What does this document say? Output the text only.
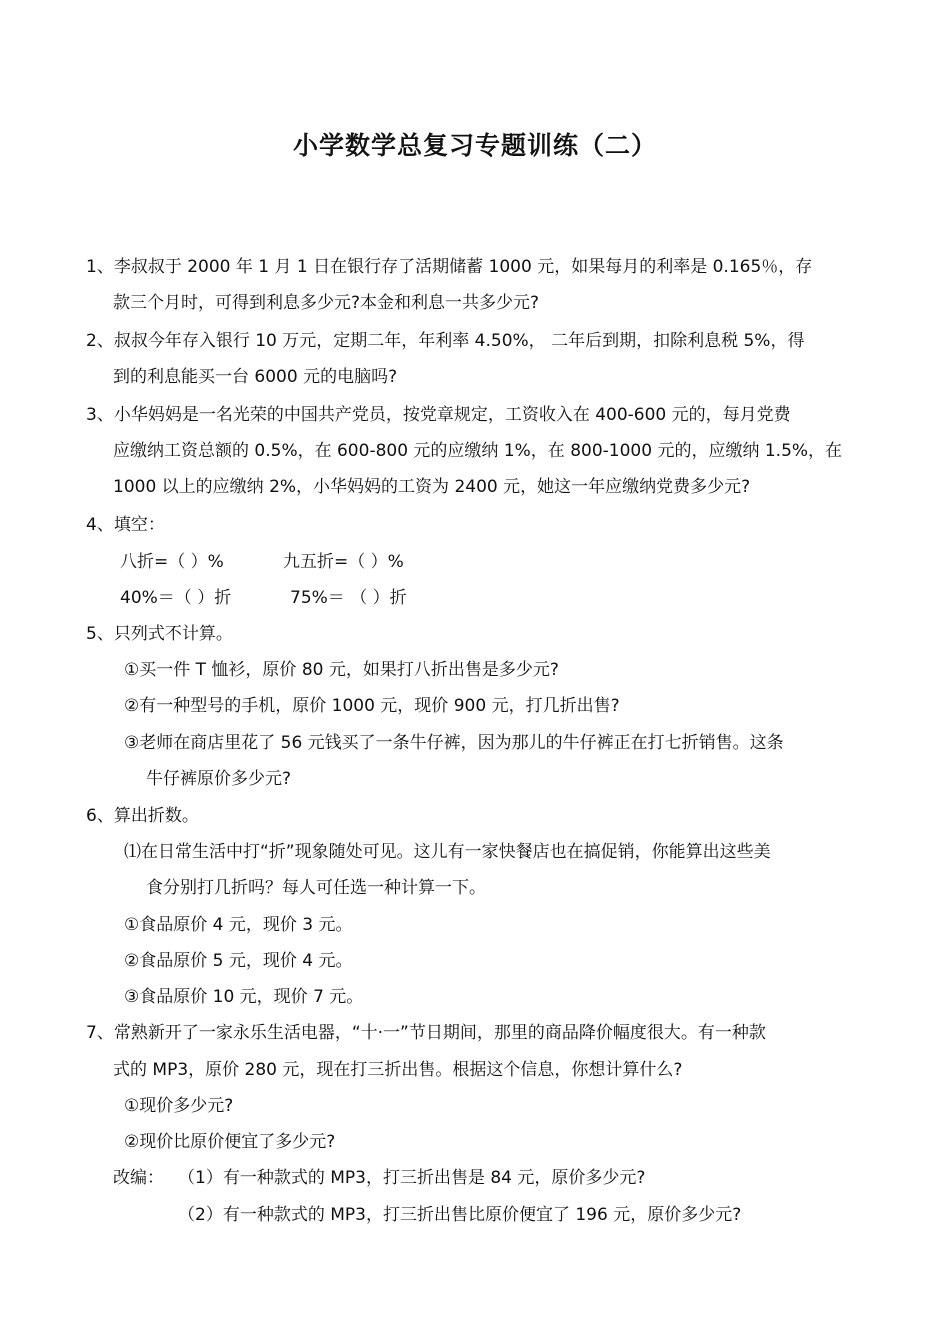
小学数学总复习专题训练（二）
1、李叔叔于 2000 年 1 月 1 日在银行存了活期储蓄 1000 元，如果每月的利率是 0.165％，存
款三个月时，可得到利息多少元?本金和利息一共多少元?
2、叔叔今年存入银行 10 万元，定期二年，年利率 4.50%， 二年后到期，扣除利息税 5%，得
到的利息能买一台 6000 元的电脑吗?
3、小华妈妈是一名光荣的中国共产党员，按党章规定，工资收入在 400-600 元的，每月党费
应缴纳工资总额的 0.5%，在 600-800 元的应缴纳 1%，在 800-1000 元的，应缴纳 1.5%，在
1000 以上的应缴纳 2%，小华妈妈的工资为 2400 元，她这一年应缴纳党费多少元?
4、填空：
八折=（ ）%	九五折=（ ）%
40%＝（ ）折	75%＝ （ ）折
5、只列式不计算。
①买一件 T 恤衫，原价 80 元，如果打八折出售是多少元?
②有一种型号的手机，原价 1000 元，现价 900 元，打几折出售?
③老师在商店里花了 56 元钱买了一条牛仔裤，因为那儿的牛仔裤正在打七折销售。这条
牛仔裤原价多少元?
6、算出折数。
⑴在日常生活中打“折”现象随处可见。这儿有一家快餐店也在搞促销，你能算出这些美
食分别打几折吗？每人可任选一种计算一下。
①食品原价 4 元，现价 3 元。
②食品原价 5 元，现价 4 元。
③食品原价 10 元，现价 7 元。
7、常熟新开了一家永乐生活电器，“十·一”节日期间，那里的商品降价幅度很大。有一种款
式的 MP3，原价 280 元，现在打三折出售。根据这个信息，你想计算什么?
①现价多少元?
②现价比原价便宜了多少元?
改编： （1）有一种款式的 MP3，打三折出售是 84 元，原价多少元?
（2）有一种款式的 MP3，打三折出售比原价便宜了 196 元，原价多少元?
